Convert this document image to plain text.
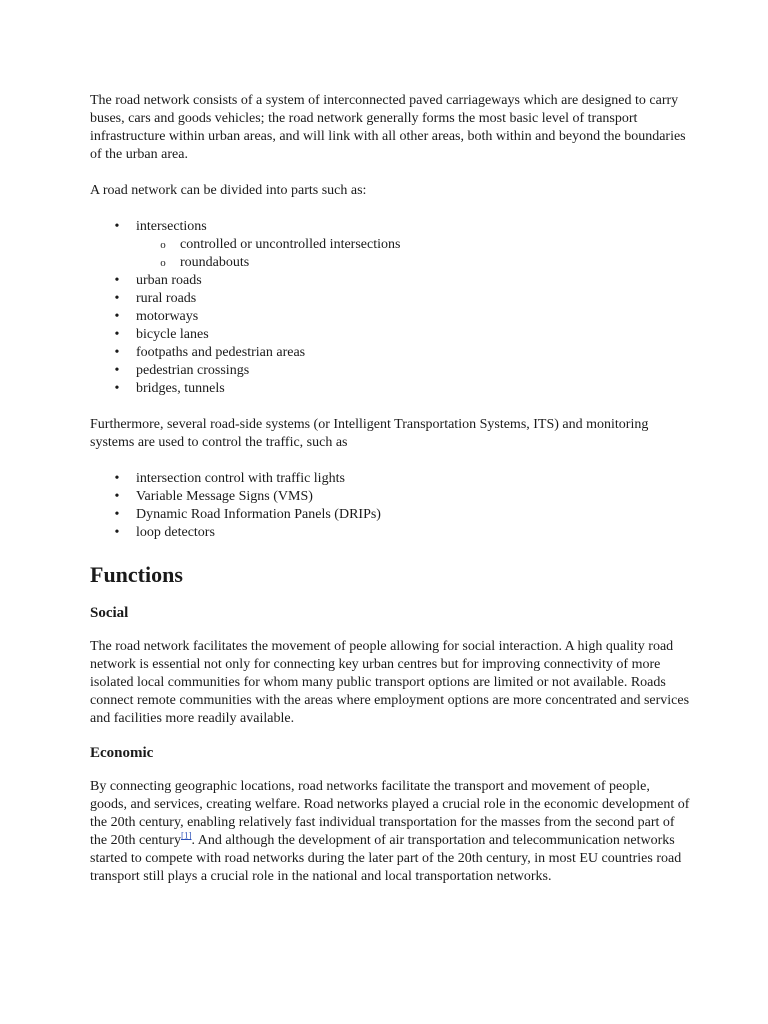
The road network consists of a system of interconnected paved carriageways which are designed to carry buses, cars and goods vehicles; the road network generally forms the most basic level of transport infrastructure within urban areas, and will link with all other areas, both within and beyond the boundaries of the urban area.

A road network can be divided into parts such as:

• intersections
o controlled or uncontrolled intersections
o roundabouts
• urban roads
• rural roads
• motorways
• bicycle lanes
• footpaths and pedestrian areas
• pedestrian crossings
• bridges, tunnels

Furthermore, several road-side systems (or Intelligent Transportation Systems, ITS) and monitoring systems are used to control the traffic, such as

• intersection control with traffic lights
• Variable Message Signs (VMS)
• Dynamic Road Information Panels (DRIPs)
• loop detectors
Functions
Social

The road network facilitates the movement of people allowing for social interaction. A high quality road network is essential not only for connecting key urban centres but for improving connectivity of more isolated local communities for whom many public transport options are limited or not available. Roads connect remote communities with the areas where employment options are more concentrated and services and facilities more readily available.

Economic

By connecting geographic locations, road networks facilitate the transport and movement of people, goods, and services, creating welfare. Road networks played a crucial role in the economic development of the 20th century, enabling relatively fast individual transportation for the masses from the second part of the 20th century[1]. And although the development of air transportation and telecommunication networks started to compete with road networks during the later part of the 20th century, in most EU countries road transport still plays a crucial role in the national and local transportation networks.
